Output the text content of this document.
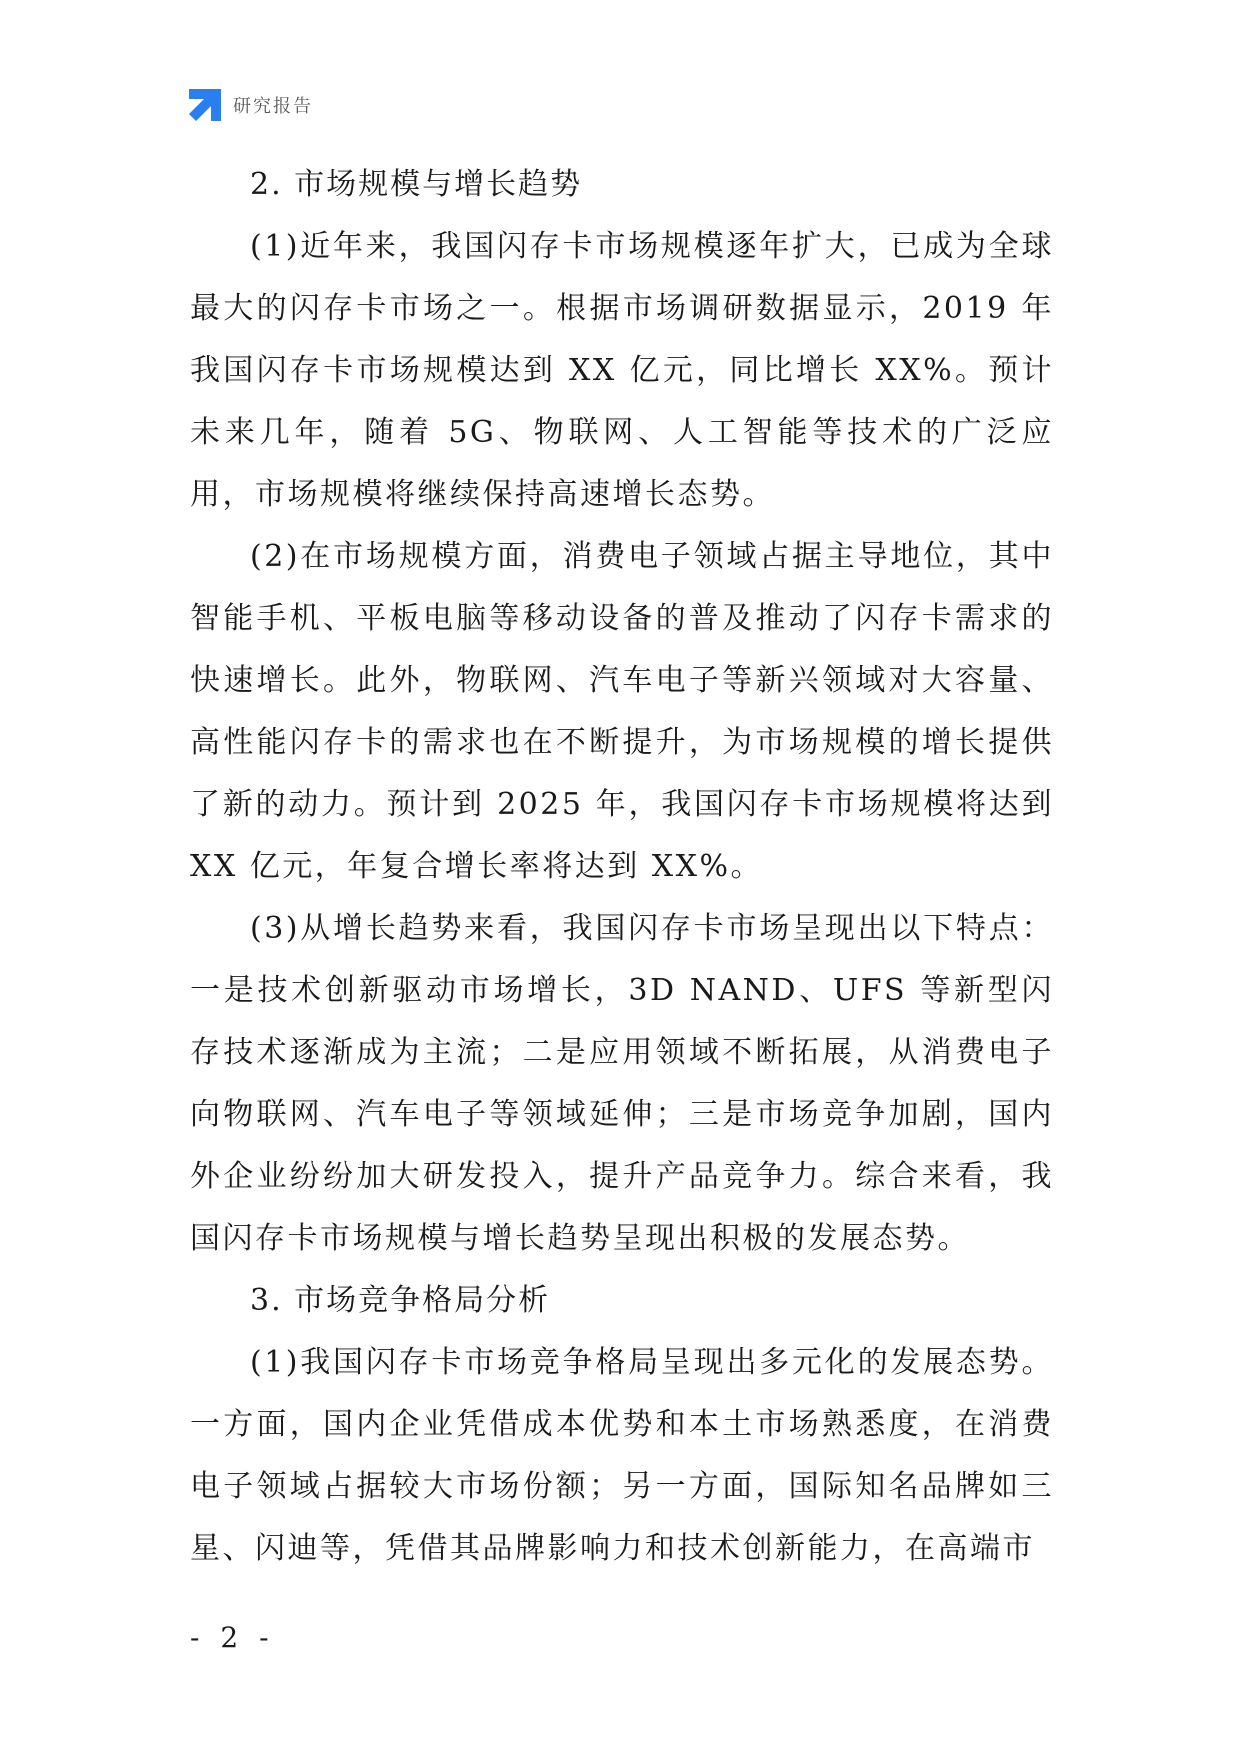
研究报告

2. 市场规模与增长趋势

(1)近年来，我国闪存卡市场规模逐年扩大，已成为全球最大的闪存卡市场之一。根据市场调研数据显示，2019 年我国闪存卡市场规模达到 XX 亿元，同比增长 XX%。预计未来几年，随着 5G、物联网、人工智能等技术的广泛应用，市场规模将继续保持高速增长态势。

(2)在市场规模方面，消费电子领域占据主导地位，其中智能手机、平板电脑等移动设备的普及推动了闪存卡需求的快速增长。此外，物联网、汽车电子等新兴领域对大容量、高性能闪存卡的需求也在不断提升，为市场规模的增长提供了新的动力。预计到 2025 年，我国闪存卡市场规模将达到 XX 亿元，年复合增长率将达到 XX%。

(3)从增长趋势来看，我国闪存卡市场呈现出以下特点：一是技术创新驱动市场增长，3D NAND、UFS 等新型闪存技术逐渐成为主流；二是应用领域不断拓展，从消费电子向物联网、汽车电子等领域延伸；三是市场竞争加剧，国内外企业纷纷加大研发投入，提升产品竞争力。综合来看，我国闪存卡市场规模与增长趋势呈现出积极的发展态势。

3. 市场竞争格局分析

(1)我国闪存卡市场竞争格局呈现出多元化的发展态势。一方面，国内企业凭借成本优势和本土市场熟悉度，在消费电子领域占据较大市场份额；另一方面，国际知名品牌如三星、闪迪等，凭借其品牌影响力和技术创新能力，在高端市

- 2 -
